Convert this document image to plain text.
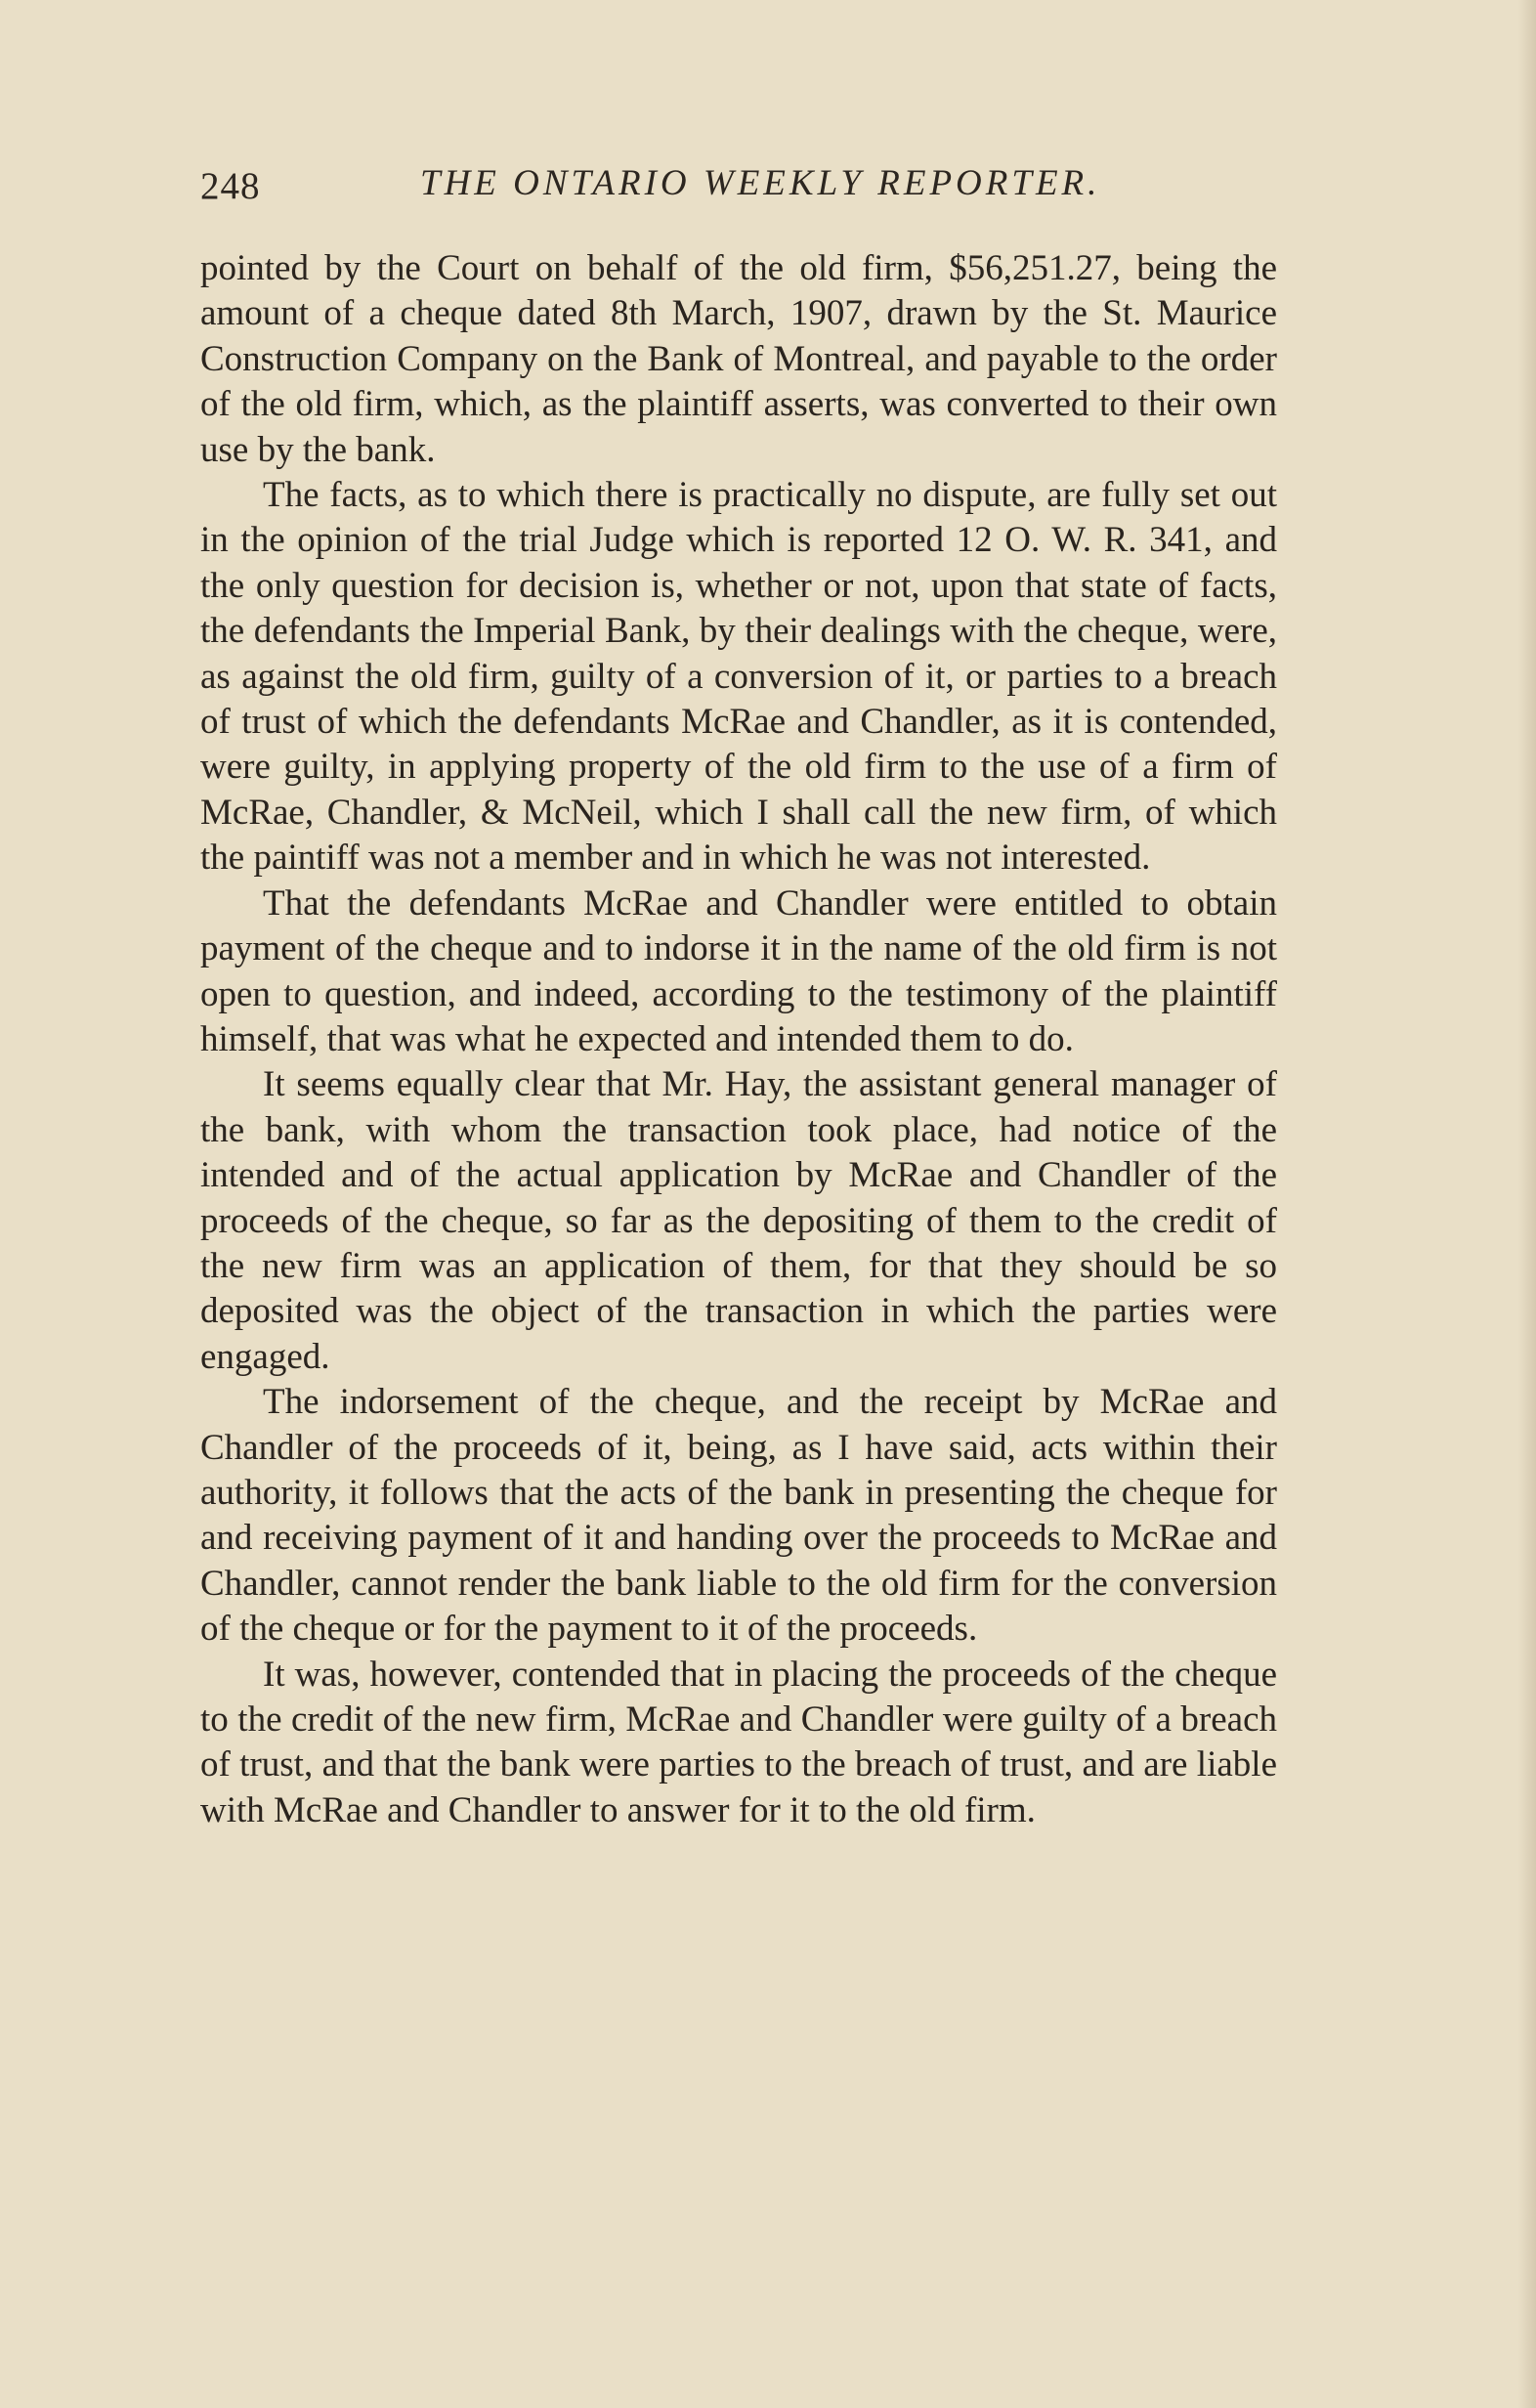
248	THE ONTARIO WEEKLY REPORTER.

pointed by the Court on behalf of the old firm, $56,251.27, being the amount of a cheque dated 8th March, 1907, drawn by the St. Maurice Construction Company on the Bank of Montreal, and payable to the order of the old firm, which, as the plaintiff asserts, was converted to their own use by the bank.

The facts, as to which there is practically no dispute, are fully set out in the opinion of the trial Judge which is reported 12 O. W. R. 341, and the only question for decision is, whether or not, upon that state of facts, the defendants the Imperial Bank, by their dealings with the cheque, were, as against the old firm, guilty of a conversion of it, or parties to a breach of trust of which the defendants McRae and Chandler, as it is contended, were guilty, in applying property of the old firm to the use of a firm of McRae, Chandler, & McNeil, which I shall call the new firm, of which the paintiff was not a member and in which he was not interested.

That the defendants McRae and Chandler were entitled to obtain payment of the cheque and to indorse it in the name of the old firm is not open to question, and indeed, according to the testimony of the plaintiff himself, that was what he expected and intended them to do.

It seems equally clear that Mr. Hay, the assistant general manager of the bank, with whom the transaction took place, had notice of the intended and of the actual application by McRae and Chandler of the proceeds of the cheque, so far as the depositing of them to the credit of the new firm was an application of them, for that they should be so deposited was the object of the transaction in which the parties were engaged.

The indorsement of the cheque, and the receipt by McRae and Chandler of the proceeds of it, being, as I have said, acts within their authority, it follows that the acts of the bank in presenting the cheque for and receiving payment of it and handing over the proceeds to McRae and Chandler, cannot render the bank liable to the old firm for the conversion of the cheque or for the payment to it of the proceeds.

It was, however, contended that in placing the proceeds of the cheque to the credit of the new firm, McRae and Chandler were guilty of a breach of trust, and that the bank were parties to the breach of trust, and are liable with McRae and Chandler to answer for it to the old firm.
